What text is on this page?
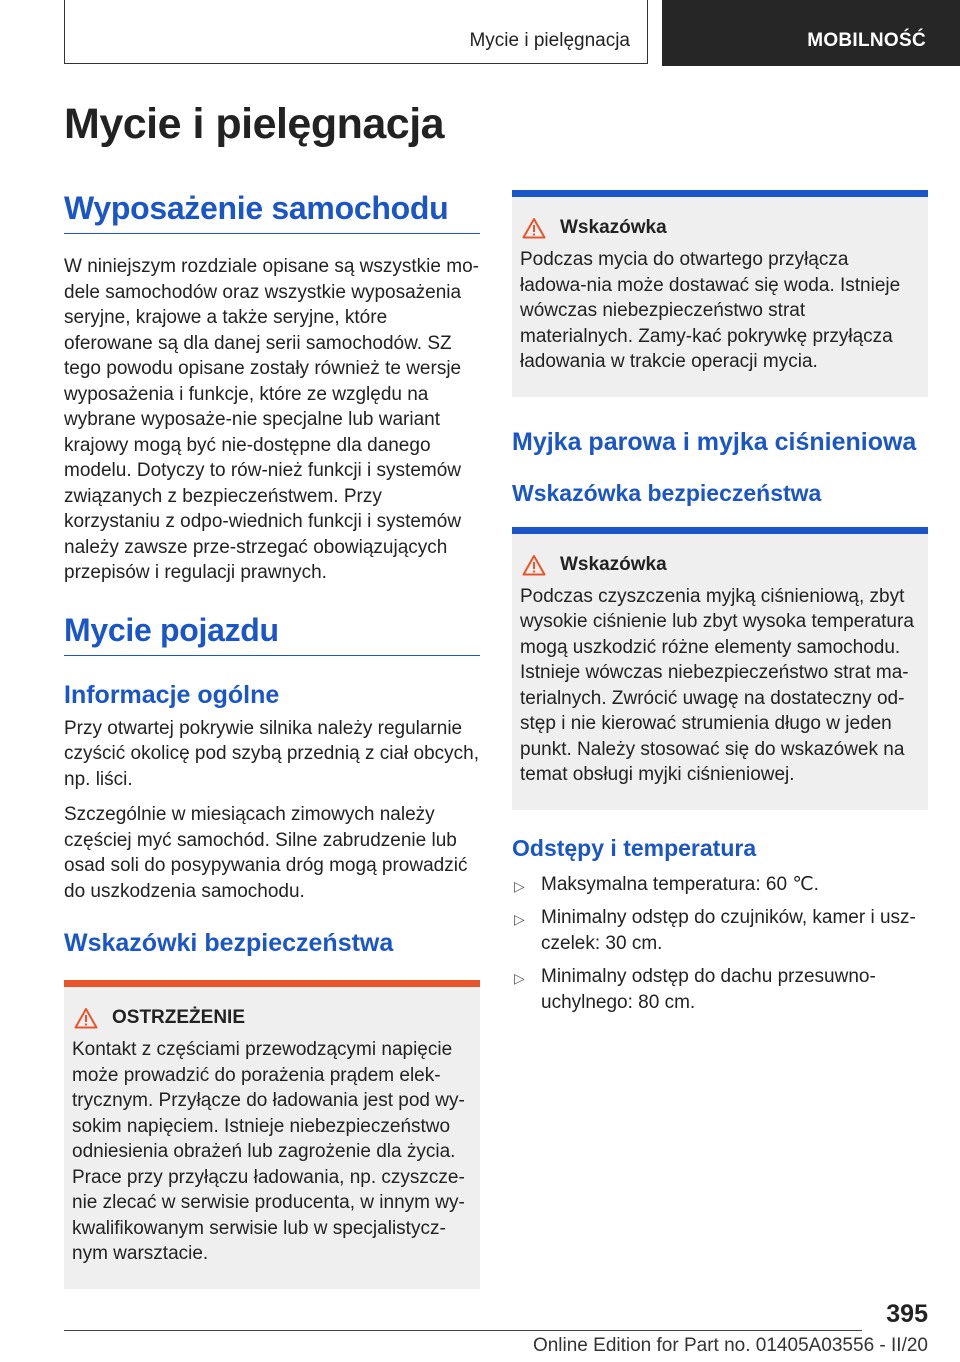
Mycie i pielęgnacja	MOBILNOŚĆ
Mycie i pielęgnacja
Wyposażenie samochodu

W niniejszym rozdziale opisane są wszystkie mo-dele samochodów oraz wszystkie wyposażenia seryjne, krajowe a także seryjne, które oferowane są dla danej serii samochodów. SZ tego powodu opisane zostały również te wersje wyposażenia i funkcje, które ze względu na wybrane wyposaże-nie specjalne lub wariant krajowy mogą być nie-dostępne dla danego modelu. Dotyczy to rów-nież funkcji i systemów związanych z bezpieczeństwem. Przy korzystaniu z odpo-wiednich funkcji i systemów należy zawsze prze-strzegać obowiązujących przepisów i regulacji prawnych.

Mycie pojazdu
Informacje ogólne

Przy otwartej pokrywie silnika należy regularnie czyścić okolicę pod szybą przednią z ciał obcych, np. liści.

Szczególnie w miesiącach zimowych należy częściej myć samochód. Silne zabrudzenie lub osad soli do posypywania dróg mogą prowadzić do uszkodzenia samochodu.

Wskazówki bezpieczeństwa
OSTRZEŻENIE

Kontakt z częściami przewodzącymi napięcie może prowadzić do porażenia prądem elek-trycznym. Przyłącze do ładowania jest pod wy-sokim napięciem. Istnieje niebezpieczeństwo odniesienia obrażeń lub zagrożenie dla życia. Prace przy przyłączu ładowania, np. czyszcze-nie zlecać w serwisie producenta, w innym wy-kwalifikowanym serwisie lub w specjalistycz-nym warsztacie.

Wskazówka

Podczas mycia do otwartego przyłącza ładowa-nia może dostawać się woda. Istnieje wówczas niebezpieczeństwo strat materialnych. Zamy-kać pokrywkę przyłącza ładowania w trakcie operacji mycia.

Myjka parowa i myjka ciśnieniowa
Wskazówka bezpieczeństwa
Wskazówka

Podczas czyszczenia myjką ciśnieniową, zbyt wysokie ciśnienie lub zbyt wysoka temperatura mogą uszkodzić różne elementy samochodu. Istnieje wówczas niebezpieczeństwo strat ma-terialnych. Zwrócić uwagę na dostateczny od-stęp i nie kierować strumienia długo w jeden punkt. Należy stosować się do wskazówek na temat obsługi myjki ciśnieniowej.

Odstępy i temperatura
▷ Maksymalna temperatura: 60 ℃.
▷ Minimalny odstęp do czujników, kamer i usz-czelek: 30 cm.
▷ Minimalny odstęp do dachu przesuwno-uchylnego: 80 cm.
395
Online Edition for Part no. 01405A03556 - II/20
